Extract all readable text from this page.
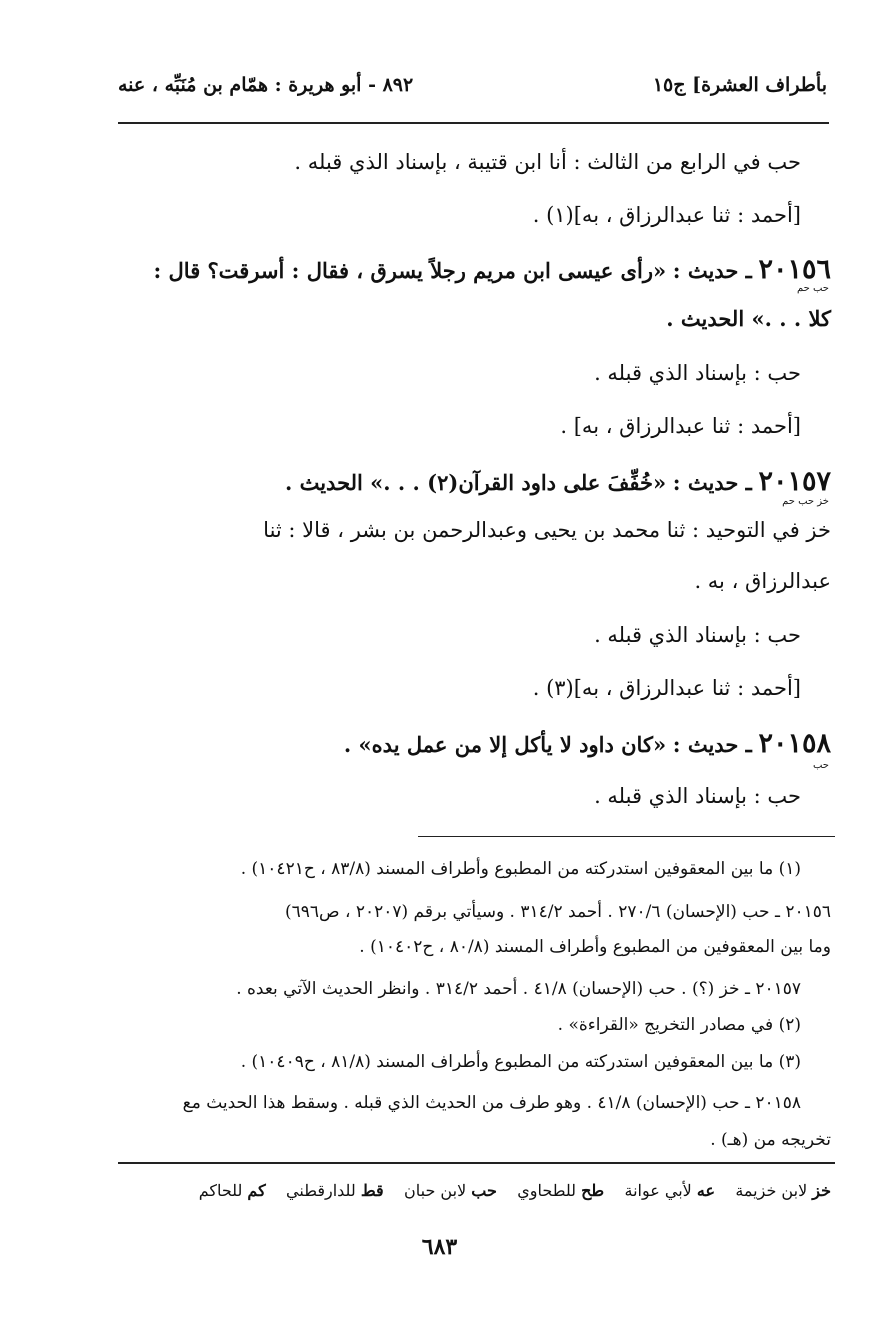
بأطراف العشرة] ج١٥
٨٩٢ - أبو هريرة : همّام بن مُنَبِّه ، عنه
حب في الرابع من الثالث : أنا ابن قتيبة ، بإسناد الذي قبله .
[أحمد : ثنا عبدالرزاق ، به](١) .
٢٠١٥٦ ـ حديث : «رأى عيسى ابن مريم رجلاً يسرق ، فقال : أسرقت؟ قال :
حب حم
كلا . . .» الحديث .
حب : بإسناد الذي قبله .
[أحمد : ثنا عبدالرزاق ، به] .
٢٠١٥٧ ـ حديث : «خُفِّفَ على داود القرآن(٢) . . .» الحديث .
خز حب حم
خز في التوحيد : ثنا محمد بن يحيى وعبدالرحمن بن بشر ، قالا : ثنا
عبدالرزاق ، به .
حب : بإسناد الذي قبله .
[أحمد : ثنا عبدالرزاق ، به](٣) .
٢٠١٥٨ ـ حديث : «كان داود لا يأكل إلا من عمل يده» .
حب
حب : بإسناد الذي قبله .
(١) ما بين المعقوفين استدركته من المطبوع وأطراف المسند (٨٣/٨ ، ح١٠٤٢١) .
٢٠١٥٦ ـ حب (الإحسان) ٢٧٠/٦ . أحمد ٣١٤/٢ . وسيأتي برقم (٢٠٢٠٧ ، ص٦٩٦)
وما بين المعقوفين من المطبوع وأطراف المسند (٨٠/٨ ، ح١٠٤٠٢) .
٢٠١٥٧ ـ خز (؟) . حب (الإحسان) ٤١/٨ . أحمد ٣١٤/٢ . وانظر الحديث الآتي بعده .
(٢) في مصادر التخريج «القراءة» .
(٣) ما بين المعقوفين استدركته من المطبوع وأطراف المسند (٨١/٨ ، ح١٠٤٠٩) .
٢٠١٥٨ ـ حب (الإحسان) ٤١/٨ . وهو طرف من الحديث الذي قبله . وسقط هذا الحديث مع
تخريجه من (هـ) .
خز لابن خزيمة    عه لأبي عوانة    طح للطحاوي    حب لابن حبان    قط للدارقطني    كم للحاكم
٦٨٣
